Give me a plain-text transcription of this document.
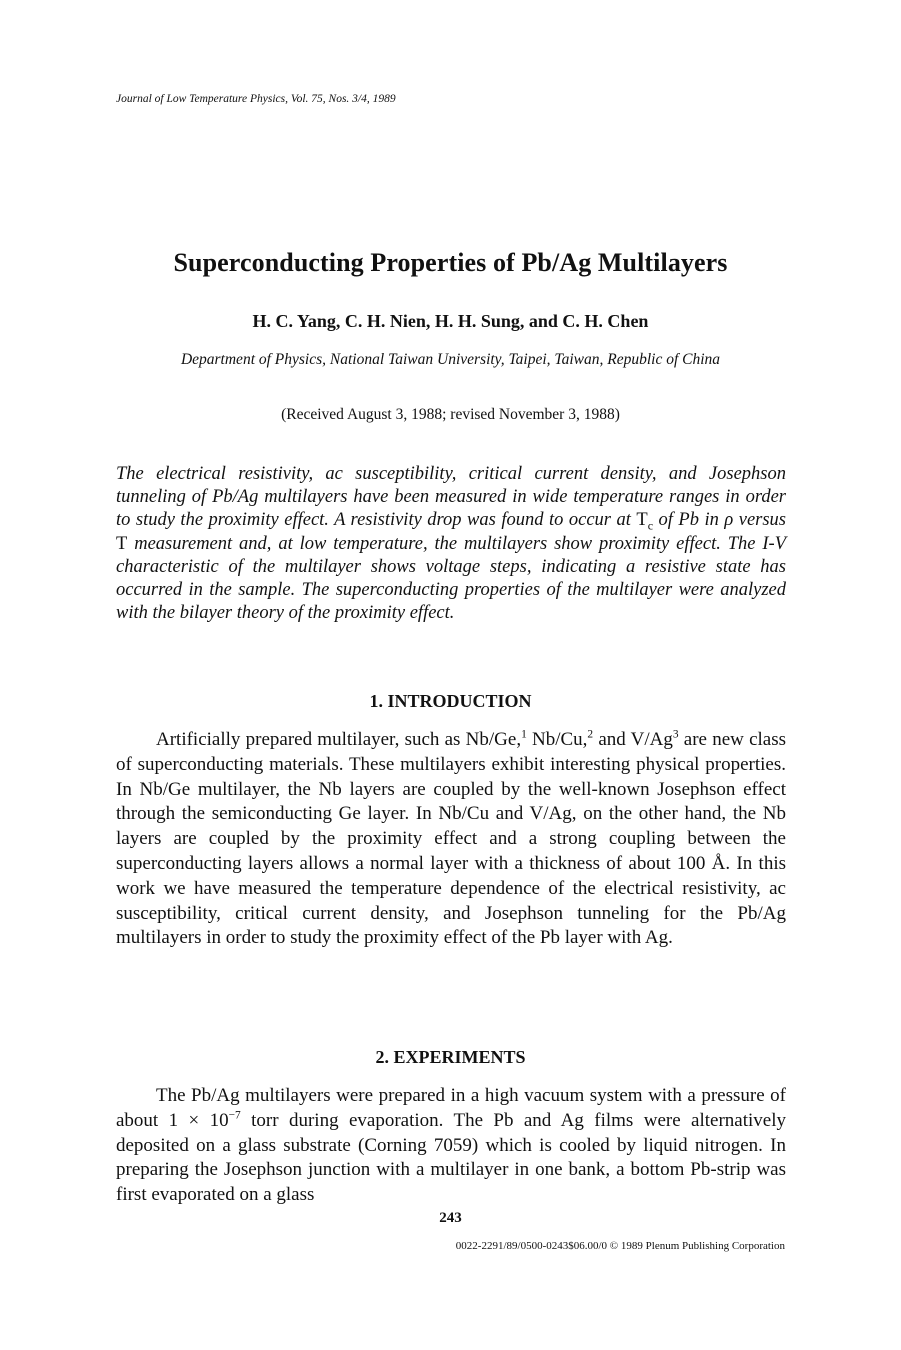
Journal of Low Temperature Physics, Vol. 75, Nos. 3/4, 1989
Superconducting Properties of Pb/Ag Multilayers
H. C. Yang, C. H. Nien, H. H. Sung, and C. H. Chen
Department of Physics, National Taiwan University, Taipei, Taiwan, Republic of China
(Received August 3, 1988; revised November 3, 1988)

The electrical resistivity, ac susceptibility, critical current density, and Josephson tunneling of Pb/Ag multilayers have been measured in wide temperature ranges in order to study the proximity effect. A resistivity drop was found to occur at $T_c$ of Pb in ρ versus T measurement and, at low temperature, the multilayers show proximity effect. The I-V characteristic of the multilayer shows voltage steps, indicating a resistive state has occurred in the sample. The superconducting properties of the multilayer were analyzed with the bilayer theory of the proximity effect.

1. INTRODUCTION

Artificially prepared multilayer, such as Nb/Ge,$^1$ Nb/Cu,$^2$ and V/Ag$^3$ are new class of superconducting materials. These multilayers exhibit interesting physical properties. In Nb/Ge multilayer, the Nb layers are coupled by the well-known Josephson effect through the semiconducting Ge layer. In Nb/Cu and V/Ag, on the other hand, the Nb layers are coupled by the proximity effect and a strong coupling between the superconducting layers allows a normal layer with a thickness of about 100 Å. In this work we have measured the temperature dependence of the electrical resistivity, ac susceptibility, critical current density, and Josephson tunneling for the Pb/Ag multilayers in order to study the proximity effect of the Pb layer with Ag.

2. EXPERIMENTS

The Pb/Ag multilayers were prepared in a high vacuum system with a pressure of about $1 \times 10^{-7}$ torr during evaporation. The Pb and Ag films were alternatively deposited on a glass substrate (Corning 7059) which is cooled by liquid nitrogen. In preparing the Josephson junction with a multilayer in one bank, a bottom Pb-strip was first evaporated on a glass

243
0022-2291/89/0500-0243$06.00/0 © 1989 Plenum Publishing Corporation
